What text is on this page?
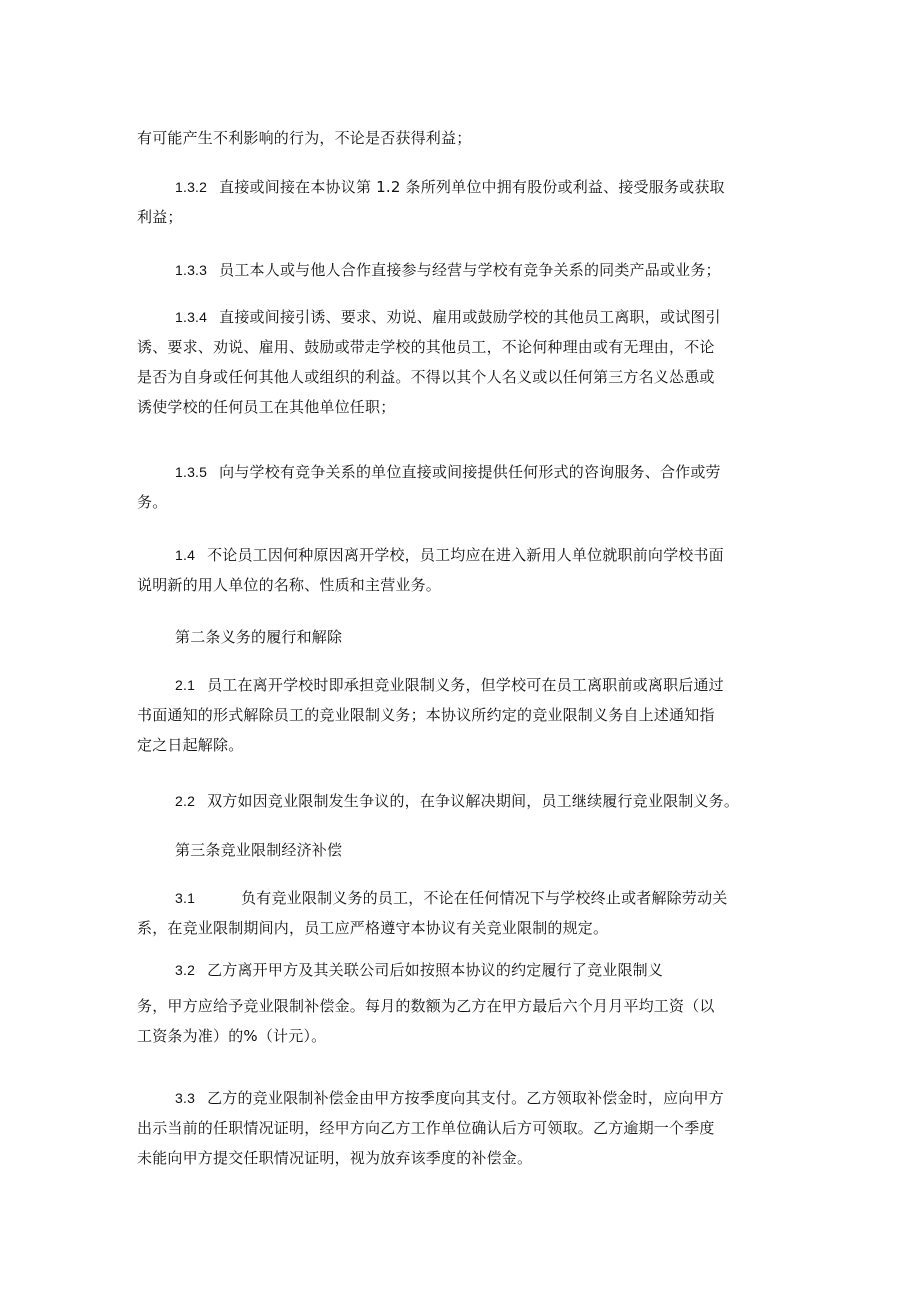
有可能产生不利影响的行为，不论是否获得利益；

1.3.2 直接或间接在本协议第 1.2 条所列单位中拥有股份或利益、接受服务或获取
利益；

1.3.3 员工本人或与他人合作直接参与经营与学校有竞争关系的同类产品或业务；

1.3.4 直接或间接引诱、要求、劝说、雇用或鼓励学校的其他员工离职，或试图引
诱、要求、劝说、雇用、鼓励或带走学校的其他员工，不论何种理由或有无理由，不论
是否为自身或任何其他人或组织的利益。不得以其个人名义或以任何第三方名义怂恿或
诱使学校的任何员工在其他单位任职；

1.3.5 向与学校有竞争关系的单位直接或间接提供任何形式的咨询服务、合作或劳
务。

1.4 不论员工因何种原因离开学校，员工均应在进入新用人单位就职前向学校书面
说明新的用人单位的名称、性质和主营业务。

第二条义务的履行和解除

2.1 员工在离开学校时即承担竞业限制义务，但学校可在员工离职前或离职后通过
书面通知的形式解除员工的竞业限制义务；本协议所约定的竞业限制义务自上述通知指
定之日起解除。

2.2 双方如因竞业限制发生争议的，在争议解决期间，员工继续履行竞业限制义务。

第三条竞业限制经济补偿

3.1	负有竞业限制义务的员工，不论在任何情况下与学校终止或者解除劳动关
系，在竞业限制期间内，员工应严格遵守本协议有关竞业限制的规定。

3.2 乙方离开甲方及其关联公司后如按照本协议的约定履行了竞业限制义
务，甲方应给予竞业限制补偿金。每月的数额为乙方在甲方最后六个月月平均工资（以
工资条为准）的%（计元）。

3.3 乙方的竞业限制补偿金由甲方按季度向其支付。乙方领取补偿金时，应向甲方
出示当前的任职情况证明，经甲方向乙方工作单位确认后方可领取。乙方逾期一个季度
未能向甲方提交任职情况证明，视为放弃该季度的补偿金。
